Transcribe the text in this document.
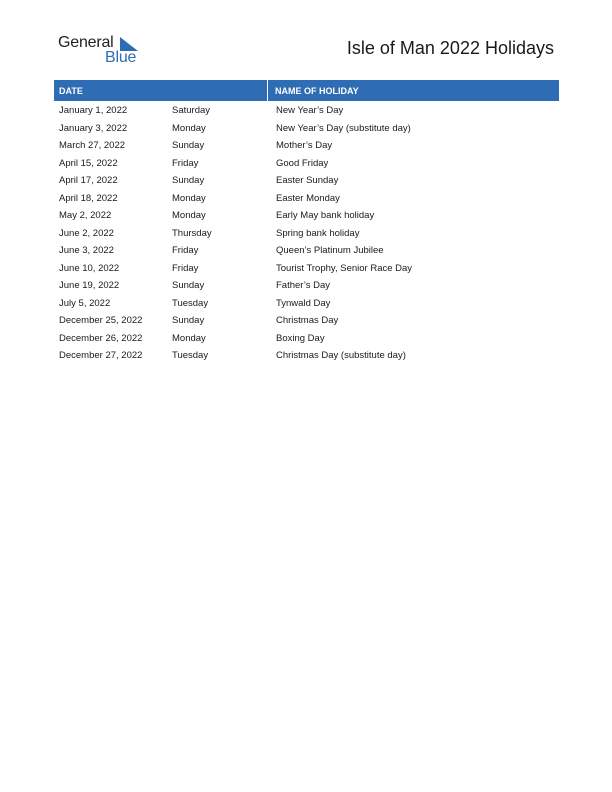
General
Blue	Isle of Man 2022 Holidays
DATE	NAME OF HOLIDAY
January 1, 2022	Saturday	New Year’s Day
January 3, 2022	Monday	New Year’s Day (substitute day)
March 27, 2022	Sunday	Mother’s Day
April 15, 2022	Friday	Good Friday
April 17, 2022	Sunday	Easter Sunday
April 18, 2022	Monday	Easter Monday
May 2, 2022	Monday	Early May bank holiday
June 2, 2022	Thursday	Spring bank holiday
June 3, 2022	Friday	Queen’s Platinum Jubilee
June 10, 2022	Friday	Tourist Trophy, Senior Race Day
June 19, 2022	Sunday	Father’s Day
July 5, 2022	Tuesday	Tynwald Day
December 25, 2022	Sunday	Christmas Day
December 26, 2022	Monday	Boxing Day
December 27, 2022	Tuesday	Christmas Day (substitute day)
